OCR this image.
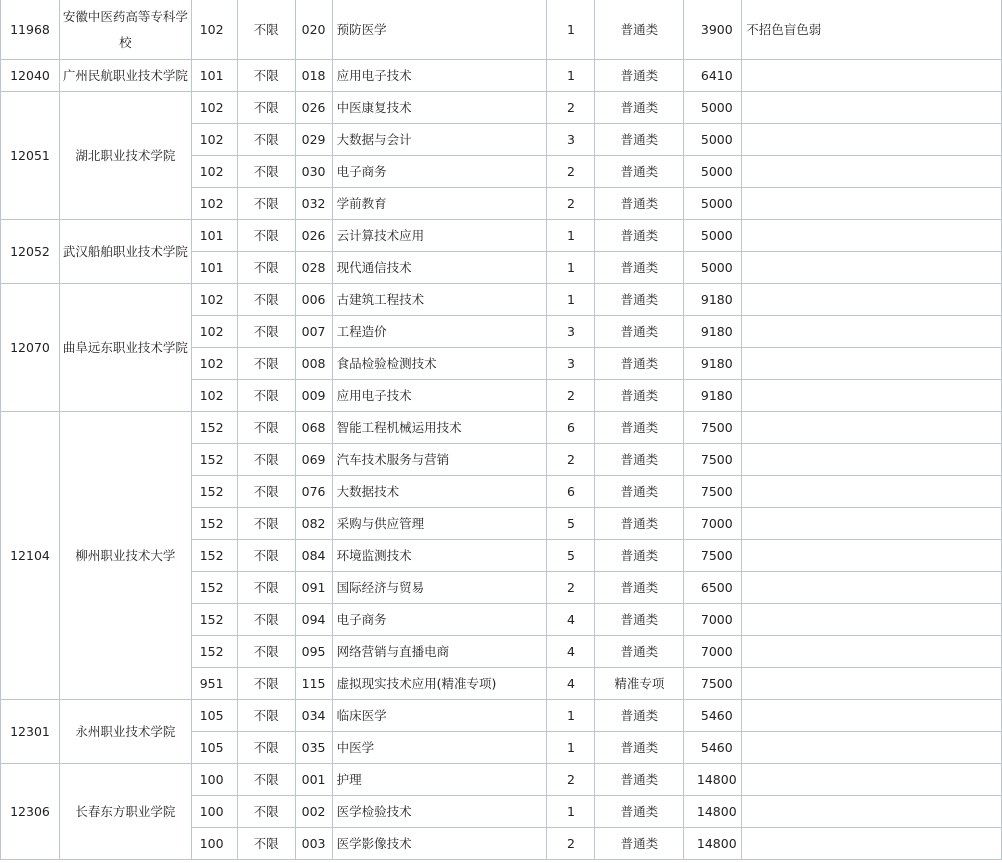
11968	安徽中医药高等专科学校	102	不限	020	预防医学	1	普通类	3900	不招色盲色弱
12040	广州民航职业技术学院	101	不限	018	应用电子技术	1	普通类	6410	
12051	湖北职业技术学院	102	不限	026	中医康复技术	2	普通类	5000	
		102	不限	029	大数据与会计	3	普通类	5000	
		102	不限	030	电子商务	2	普通类	5000	
		102	不限	032	学前教育	2	普通类	5000	
12052	武汉船舶职业技术学院	101	不限	026	云计算技术应用	1	普通类	5000	
		101	不限	028	现代通信技术	1	普通类	5000	
12070	曲阜远东职业技术学院	102	不限	006	古建筑工程技术	1	普通类	9180	
		102	不限	007	工程造价	3	普通类	9180	
		102	不限	008	食品检验检测技术	3	普通类	9180	
		102	不限	009	应用电子技术	2	普通类	9180	
12104	柳州职业技术大学	152	不限	068	智能工程机械运用技术	6	普通类	7500	
		152	不限	069	汽车技术服务与营销	2	普通类	7500	
		152	不限	076	大数据技术	6	普通类	7500	
		152	不限	082	采购与供应管理	5	普通类	7000	
		152	不限	084	环境监测技术	5	普通类	7500	
		152	不限	091	国际经济与贸易	2	普通类	6500	
		152	不限	094	电子商务	4	普通类	7000	
		152	不限	095	网络营销与直播电商	4	普通类	7000	
		951	不限	115	虚拟现实技术应用(精准专项)	4	精准专项	7500	
12301	永州职业技术学院	105	不限	034	临床医学	1	普通类	5460	
		105	不限	035	中医学	1	普通类	5460	
12306	长春东方职业学院	100	不限	001	护理	2	普通类	14800	
		100	不限	002	医学检验技术	1	普通类	14800	
		100	不限	003	医学影像技术	2	普通类	14800	
